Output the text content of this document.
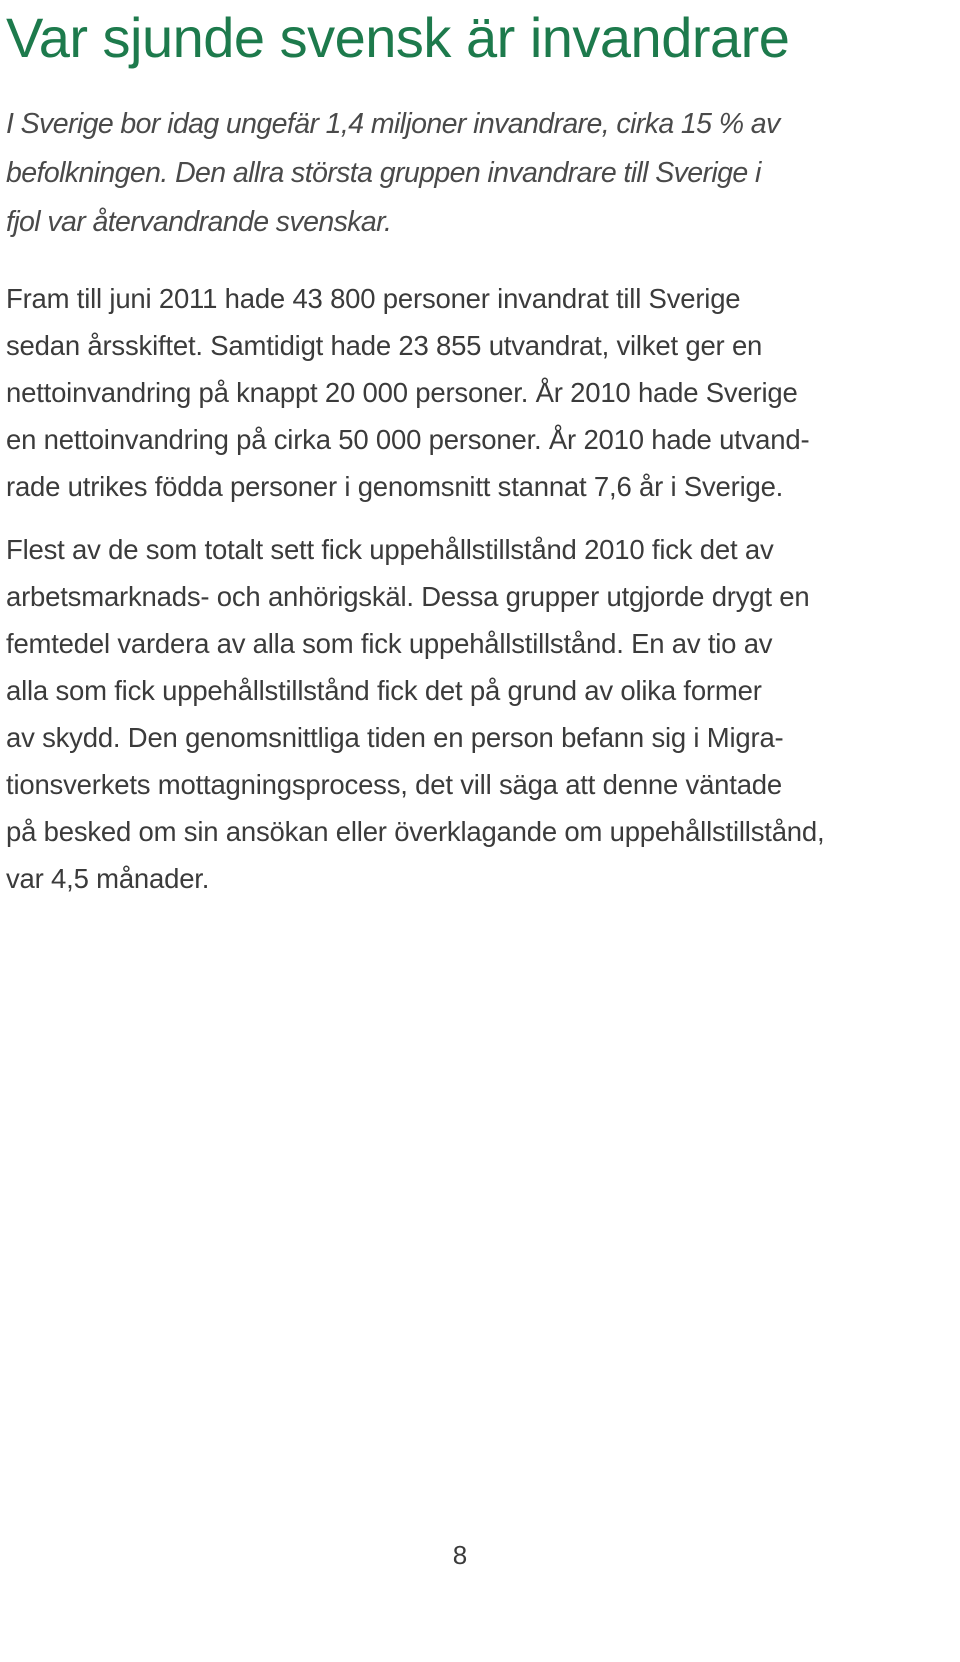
Var sjunde svensk är invandrare

I Sverige bor idag ungefär 1,4 miljoner invandrare, cirka 15 % av
befolkningen. Den allra största gruppen invandrare till Sverige i
fjol var återvandrande svenskar.

Fram till juni 2011 hade 43 800 personer invandrat till Sverige
sedan årsskiftet. Samtidigt hade 23 855 utvandrat, vilket ger en
nettoinvandring på knappt 20 000 personer. År 2010 hade Sverige
en nettoinvandring på cirka 50 000 personer. År 2010 hade utvand-
rade utrikes födda personer i genomsnitt stannat 7,6 år i Sverige.

Flest av de som totalt sett fick uppehållstillstånd 2010 fick det av
arbetsmarknads- och anhörigskäl. Dessa grupper utgjorde drygt en
femtedel vardera av alla som fick uppehållstillstånd. En av tio av
alla som fick uppehållstillstånd fick det på grund av olika former
av skydd. Den genomsnittliga tiden en person befann sig i Migra-
tionsverkets mottagningsprocess, det vill säga att denne väntade
på besked om sin ansökan eller överklagande om uppehållstillstånd,
var 4,5 månader.

8
